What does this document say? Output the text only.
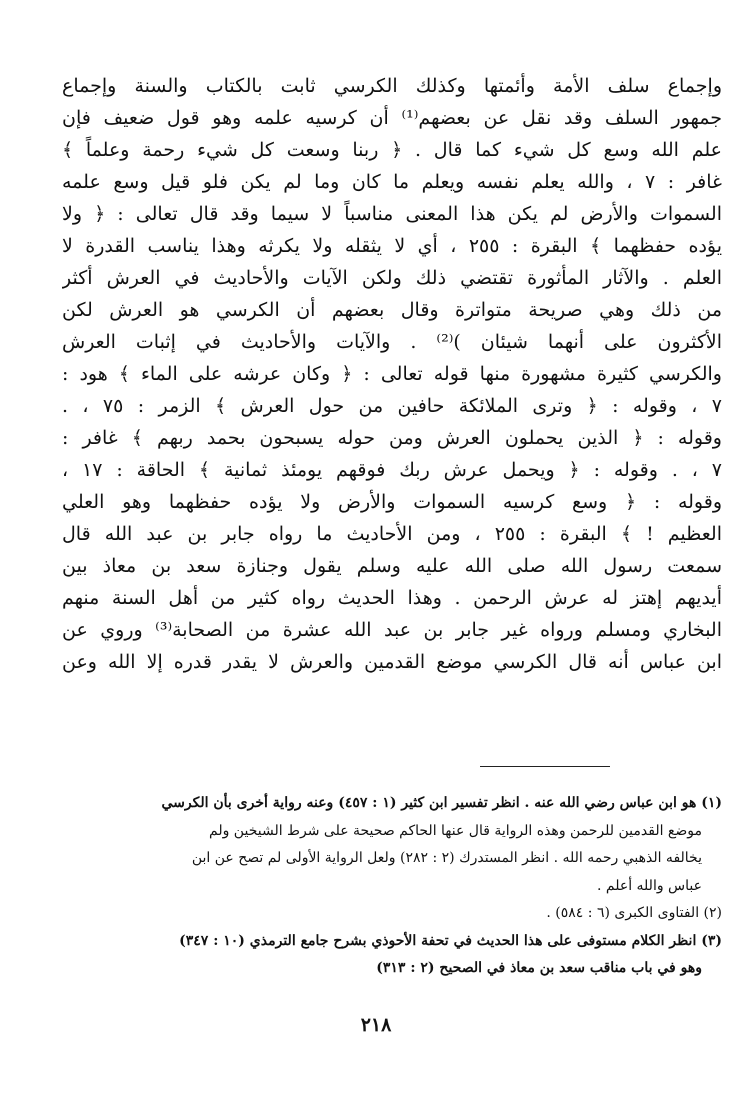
وإجماع سلف الأمة وأئمتها وكذلك الكرسي ثابت بالكتاب والسنة وإجماع
جمهور السلف وقد نقل عن بعضهم⁽¹⁾ أن كرسيه علمه وهو قول ضعيف فإن
علم الله وسع كل شيء كما قال . ﴿ ربنا وسعت كل شيء رحمة وعلماً ﴾
غافر : ٧ ، والله يعلم نفسه ويعلم ما كان وما لم يكن فلو قيل وسع علمه
السموات والأرض لم يكن هذا المعنى مناسباً لا سيما وقد قال تعالى : ﴿ ولا
يؤده حفظهما ﴾ البقرة : ٢٥٥ ، أي لا يثقله ولا يكرثه وهذا يناسب القدرة لا
العلم . والآثار المأثورة تقتضي ذلك ولكن الآيات والأحاديث في العرش أكثر
من ذلك وهي صريحة متواترة وقال بعضهم أن الكرسي هو العرش لكن
الأكثرون على أنهما شيئان )⁽²⁾ . والآيات والأحاديث في إثبات العرش
والكرسي كثيرة مشهورة منها قوله تعالى : ﴿ وكان عرشه على الماء ﴾ هود :
٧ ، وقوله : ﴿ وترى الملائكة حافين من حول العرش ﴾ الزمر : ٧٥ ، .
وقوله : ﴿ الذين يحملون العرش ومن حوله يسبحون بحمد ربهم ﴾ غافر :
٧ ، . وقوله : ﴿ ويحمل عرش ربك فوقهم يومئذ ثمانية ﴾ الحاقة : ١٧ ،
وقوله : ﴿ وسع كرسيه السموات والأرض ولا يؤده حفظهما وهو العلي
العظيم ! ﴾ البقرة : ٢٥٥ ، ومن الأحاديث ما رواه جابر بن عبد الله قال
سمعت رسول الله صلى الله عليه وسلم يقول وجنازة سعد بن معاذ بين
أيديهم إهتز له عرش الرحمن . وهذا الحديث رواه كثير من أهل السنة منهم
البخاري ومسلم ورواه غير جابر بن عبد الله عشرة من الصحابة⁽³⁾ وروي عن
ابن عباس أنه قال الكرسي موضع القدمين والعرش لا يقدر قدره إلا الله وعن
(١) هو ابن عباس رضي الله عنه . انظر تفسير ابن كثير (١ : ٤٥٧) وعنه رواية أخرى بأن الكرسي
موضع القدمين للرحمن وهذه الرواية قال عنها الحاكم صحيحة على شرط الشيخين ولم
يخالفه الذهبي رحمه الله . انظر المستدرك (٢ : ٢٨٢) ولعل الرواية الأولى لم تصح عن ابن
عباس والله أعلم .
(٢) الفتاوى الكبرى (٦ : ٥٨٤) .
(٣) انظر الكلام مستوفى على هذا الحديث في تحفة الأحوذي بشرح جامع الترمذي (١٠ : ٣٤٧)
وهو في باب مناقب سعد بن معاذ في الصحيح (٢ : ٣١٣)
٢١٨
